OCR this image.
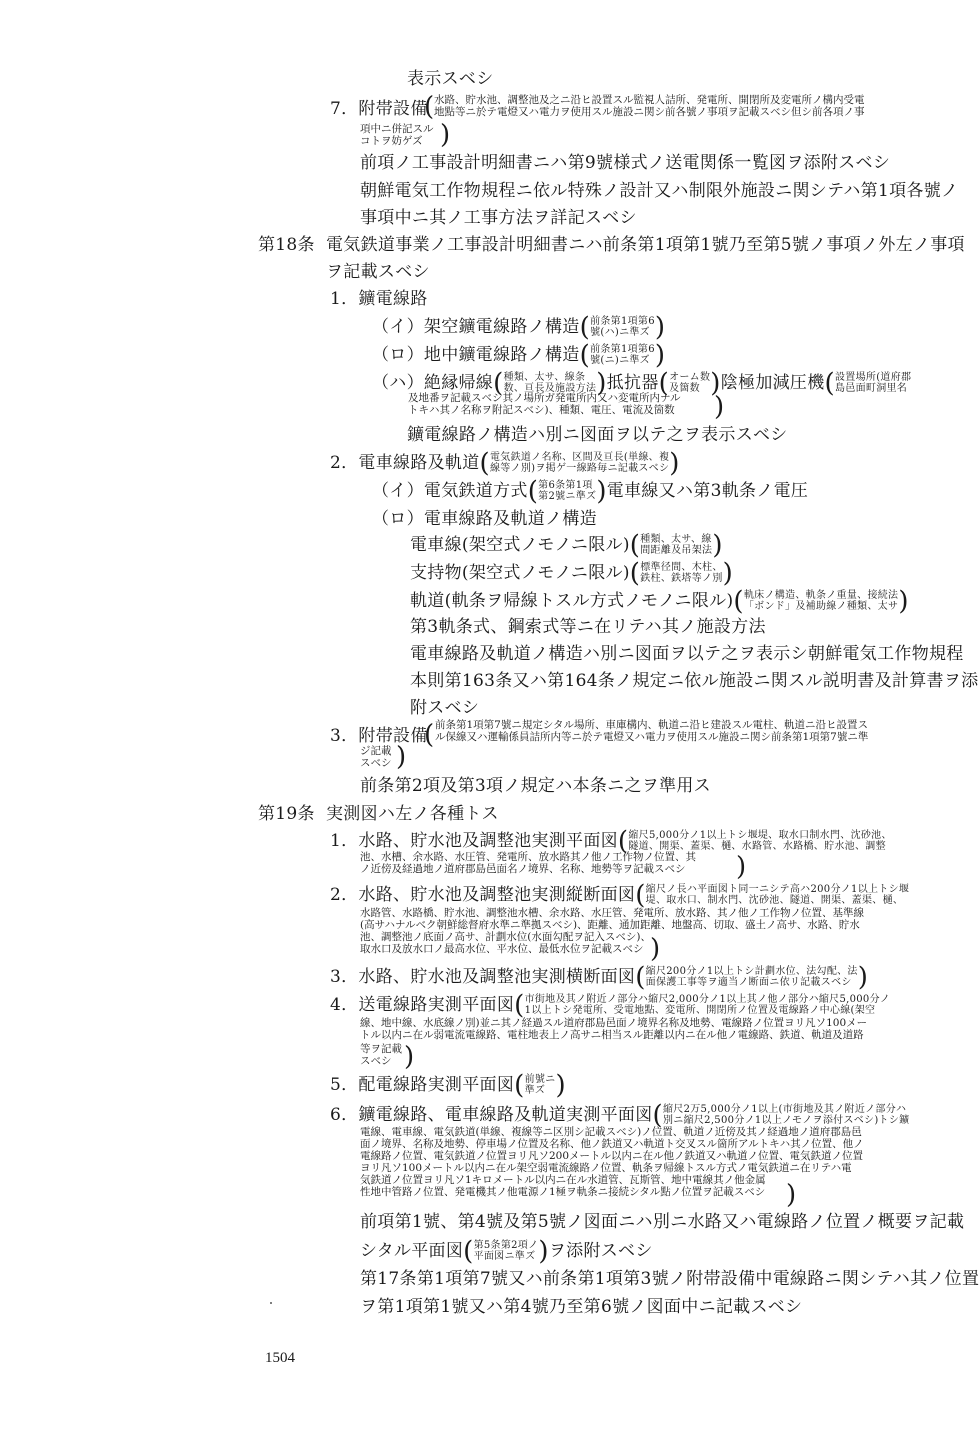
表示スベシ
7．附帯設備
( 水路、貯水池、調整池及之ニ沿ヒ設置スル監視人詰所、発電所、開閉所及変電所ノ構内受電
地點等ニ於テ電燈又ハ電力ヲ使用スル施設ニ関シ前各號ノ事項ヲ記載スベシ但シ前各項ノ事
項中ニ併記スル
コトヲ妨ゲズ )
前項ノ工事設計明細書ニハ第9號様式ノ送電関係一覧図ヲ添附スベシ
朝鮮電気工作物規程ニ依ル特殊ノ設計又ハ制限外施設ニ関シテハ第1項各號ノ
事項中ニ其ノ工事方法ヲ詳記スベシ
第18条 電気鉄道事業ノ工事設計明細書ニハ前条第1項第1號乃至第5號ノ事項ノ外左ノ事項
ヲ記載スベシ
1．鑛電線路
（イ）架空鑛電線路ノ構造(前条第1項第6
號(ハ)ニ準ズ )
（ロ）地中鑛電線路ノ構造(前条第1項第6
號(ニ)ニ準ズ )
（ハ）絶縁帰線(種類、太サ、線条
数、亘長及施設方法)抵抗器(オーム数
及箇数 )陰極加減圧機(設置場所(道府郡
島邑面町洞里名
及地番ヲ記載スベシ其ノ場所ガ発電所内又ハ変電所内ナル
トキハ其ノ名称ヲ附記スベシ)、種類、電圧、電流及箇数 )
鑛電線路ノ構造ハ別ニ図面ヲ以テ之ヲ表示スベシ
2．電車線路及軌道(電気鉄道ノ名称、区間及亘長(単線、複
線等ノ別)ヲ掲ゲ一線路毎ニ記載スベシ)
（イ）電気鉄道方式(第6条第1項
第2號ニ準ズ)電車線又ハ第3軌条ノ電圧
（ロ）電車線路及軌道ノ構造
電車線(架空式ノモノニ限ル)(種類、太サ、線
間距離及吊架法)
支持物(架空式ノモノニ限ル)(標準径間、木柱、
鉄柱、鉄塔等ノ別)
軌道(軌条ヲ帰線トスル方式ノモノニ限ル)(軌床ノ構造、軌条ノ重量、接続法
「ボンド」及補助線ノ種類、太サ)
第3軌条式、鋼索式等ニ在リテハ其ノ施設方法
電車線路及軌道ノ構造ハ別ニ図面ヲ以テ之ヲ表示シ朝鮮電気工作物規程
本則第163条又ハ第164条ノ規定ニ依ル施設ニ関スル説明書及計算書ヲ添
附スベシ
3．附帯設備
( 前条第1項第7號ニ規定シタル場所、車庫構内、軌道ニ沿ヒ建設スル電柱、軌道ニ沿ヒ設置ス
ル保線又ハ運輸係員詰所内等ニ於テ電燈又ハ電力ヲ使用スル施設ニ関シ前条第1項第7號ニ準
ジ記載
スベシ )
前条第2項及第3項ノ規定ハ本条ニ之ヲ準用ス
第19条 実測図ハ左ノ各種トス
1．水路、貯水池及調整池実測平面図(縮尺5,000分ノ1以上トシ堰堤、取水口制水門、沈砂池、
隧道、開渠、蓋渠、樋、水路管、水路橋、貯水池、調整
池、水槽、余水路、水圧管、発電所、放水路其ノ他ノ工作物ノ位置、其
ノ近傍及経過地ノ道府郡島邑面名ノ境界、名称、地勢等ヲ記載スベシ )
2．水路、貯水池及調整池実測縦断面図(縮尺ノ長ハ平面図ト同一ニシテ高ハ200分ノ1以上トシ堰
堤、取水口、制水門、沈砂池、隧道、開渠、蓋渠、樋、
水路管、水路橋、貯水池、調整池水槽、余水路、水圧管、発電所、放水路、其ノ他ノ工作物ノ位置、基準線
(高サハナルベク朝鮮総督府水準ニ準拠スベシ)、距離、通加距離、地盤高、切取、盛土ノ高サ、水路、貯水
池、調整池ノ底面ノ高サ、計劃水位(水面勾配ヲ記入スベシ)、
取水口及放水口ノ最高水位、平水位、最低水位ヲ記載スベシ )
3．水路、貯水池及調整池実測横断面図(縮尺200分ノ1以上トシ計劃水位、法勾配、法
面保護工事等ヲ適当ノ断面ニ依リ記載スベシ )
4．送電線路実測平面図(市街地及其ノ附近ノ部分ハ縮尺2,000分ノ1以上其ノ他ノ部分ハ縮尺5,000分ノ
1以上トシ発電所、受電地點、変電所、開閉所ノ位置及電線路ノ中心線(架空
線、地中線、水底線ノ別)並ニ其ノ経過スル道府郡島邑面ノ境界名称及地勢、電線路ノ位置ヨリ凡ソ100メー
トル以内ニ在ル弱電流電線路、電柱地表上ノ高サニ相当スル距離以内ニ在ル他ノ電線路、鉄道、軌道及道路
等ヲ記載
スベシ )
5．配電線路実測平面図(前號ニ
準ズ )
6．鑛電線路、電車線路及軌道実測平面図(縮尺2万5,000分ノ1以上(市街地及其ノ附近ノ部分ハ
別ニ縮尺2,500分ノ1以上ノモノヲ添付スベシ)トシ鑛
電線、電車線、電気鉄道(単線、複線等ニ区別シ記載スベシ)ノ位置、軌道ノ近傍及其ノ経過地ノ道府郡島邑
面ノ境界、名称及地勢、停車場ノ位置及名称、他ノ鉄道又ハ軌道ト交叉スル箇所アルトキハ其ノ位置、他ノ
電線路ノ位置、電気鉄道ノ位置ヨリ凡ソ200メートル以内ニ在ル他ノ鉄道又ハ軌道ノ位置、電気鉄道ノ位置
ヨリ凡ソ100メートル以内ニ在ル架空弱電流線路ノ位置、軌条ヲ帰線トスル方式ノ電気鉄道ニ在リテハ電
気鉄道ノ位置ヨリ凡ソ1キロメートル以内ニ在ル水道管、瓦斯管、地中電線其ノ他金属
性地中管路ノ位置、発電機其ノ他電源ノ1極ヲ軌条ニ接続シタル點ノ位置ヲ記載スベシ )
前項第1號、第4號及第5號ノ図面ニハ別ニ水路又ハ電線路ノ位置ノ概要ヲ記載
シタル平面図(第5条第2項ノ
平面図ニ準ズ )ヲ添附スベシ
第17条第1項第7號又ハ前条第1項第3號ノ附帯設備中電線路ニ関シテハ其ノ位置
ヲ第1項第1號又ハ第4號乃至第6號ノ図面中ニ記載スベシ
1504
